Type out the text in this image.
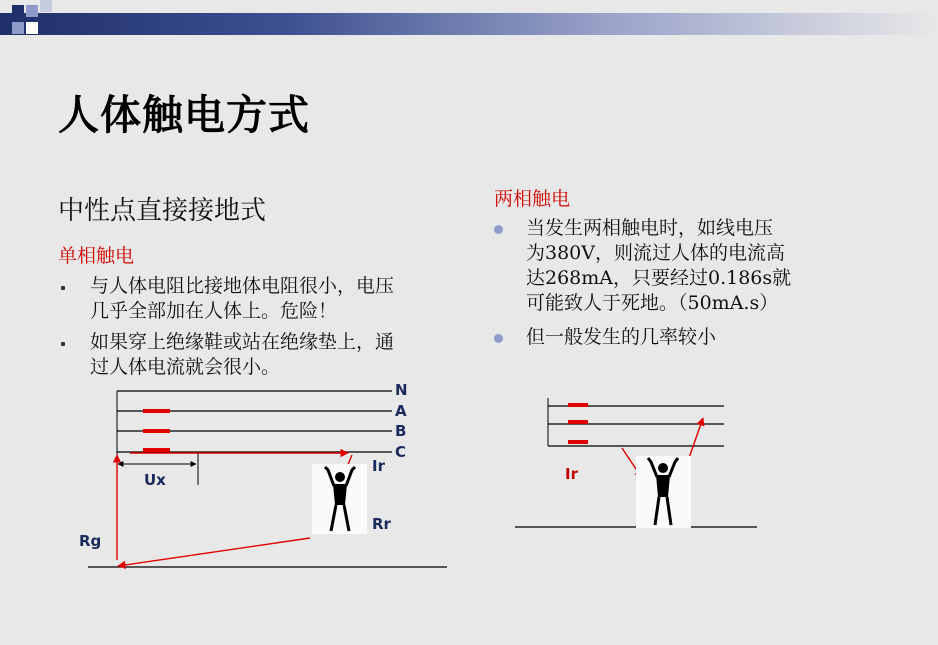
人体触电方式
中性点直接接地式
单相触电
与人体电阻比接地体电阻很小，电压
几乎全部加在人体上。危险！
如果穿上绝缘鞋或站在绝缘垫上，通
过人体电流就会很小。
两相触电
当发生两相触电时，如线电压
为380V，则流过人体的电流高
达268mA，只要经过0.186s就
可能致人于死地。（50mA.s）
但一般发生的几率较小
N
A
B
C
Ir
Rr
Ux
Rg
Ir
